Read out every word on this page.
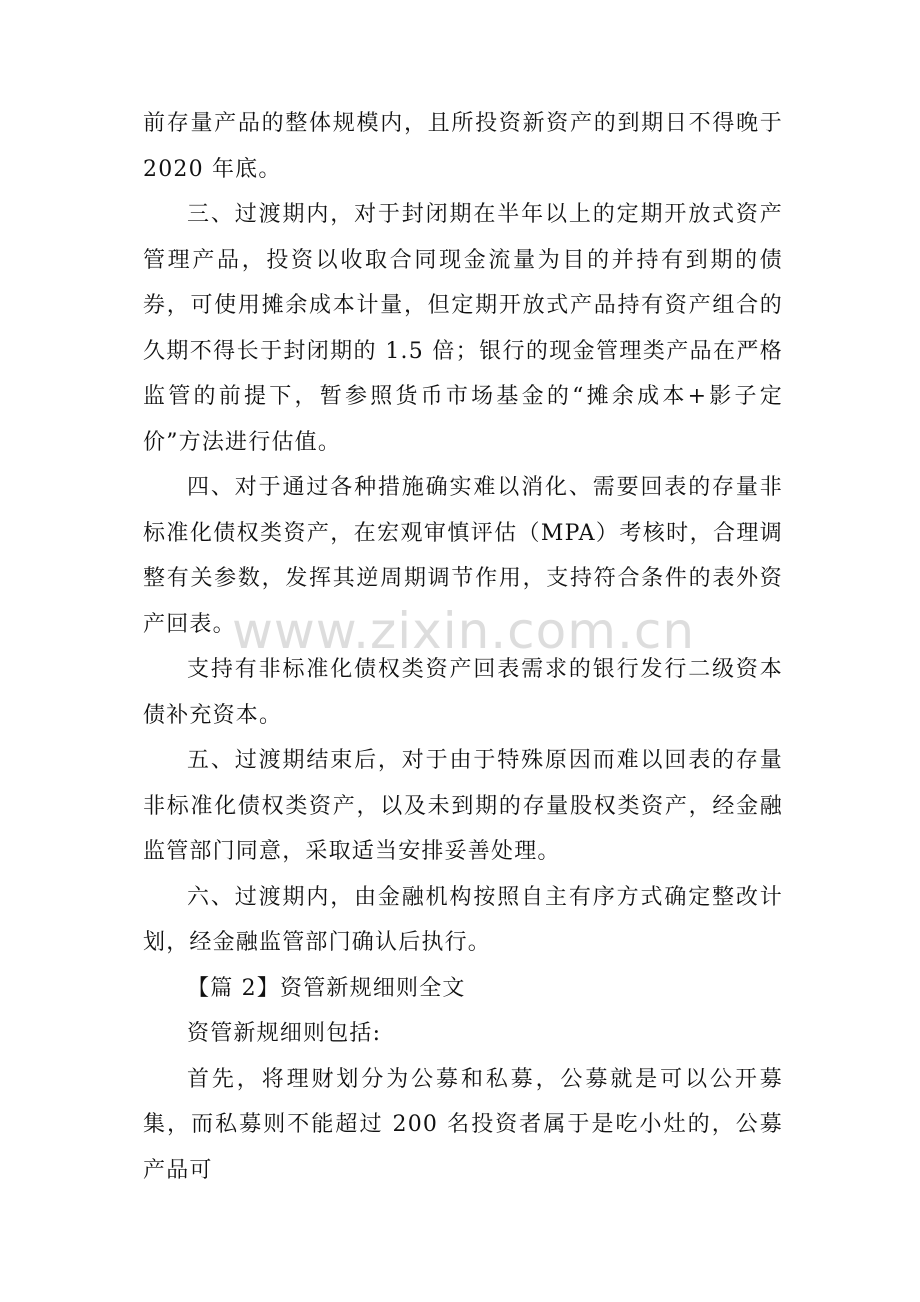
前存量产品的整体规模内，且所投资新资产的到期日不得晚于2020 年底。

三、过渡期内，对于封闭期在半年以上的定期开放式资产管理产品，投资以收取合同现金流量为目的并持有到期的债券，可使用摊余成本计量，但定期开放式产品持有资产组合的久期不得长于封闭期的 1.5 倍；银行的现金管理类产品在严格监管的前提下，暂参照货币市场基金的“摊余成本+影子定价”方法进行估值。

四、对于通过各种措施确实难以消化、需要回表的存量非标准化债权类资产，在宏观审慎评估（MPA）考核时，合理调整有关参数，发挥其逆周期调节作用，支持符合条件的表外资产回表。

支持有非标准化债权类资产回表需求的银行发行二级资本债补充资本。

五、过渡期结束后，对于由于特殊原因而难以回表的存量非标准化债权类资产，以及未到期的存量股权类资产，经金融监管部门同意，采取适当安排妥善处理。

六、过渡期内，由金融机构按照自主有序方式确定整改计划，经金融监管部门确认后执行。

【篇 2】资管新规细则全文

资管新规细则包括:

首先，将理财划分为公募和私募，公募就是可以公开募集，而私募则不能超过 200 名投资者属于是吃小灶的，公募产品可

www.zixin.com.cn
